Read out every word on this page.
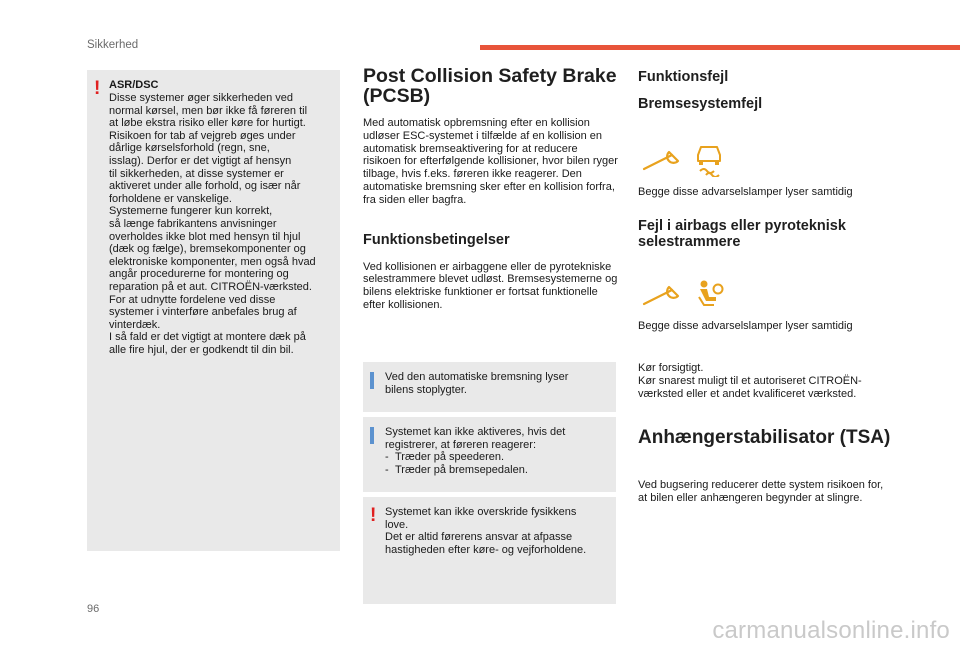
Sikkerhed
! ASR/DSC
Disse systemer øger sikkerheden ved
normal kørsel, men bør ikke få føreren til
at løbe ekstra risiko eller køre for hurtigt.
Risikoen for tab af vejgreb øges under
dårlige kørselsforhold (regn, sne,
isslag). Derfor er det vigtigt af hensyn
til sikkerheden, at disse systemer er
aktiveret under alle forhold, og især når
forholdene er vanskelige.
Systemerne fungerer kun korrekt,
så længe fabrikantens anvisninger
overholdes ikke blot med hensyn til hjul
(dæk og fælge), bremsekomponenter og
elektroniske komponenter, men også hvad
angår procedurerne for montering og
reparation på et aut. CITROËN-værksted.
For at udnytte fordelene ved disse
systemer i vinterføre anbefales brug af
vinterdæk.
I så fald er det vigtigt at montere dæk på
alle fire hjul, der er godkendt til din bil.
Post Collision Safety Brake (PCSB)
Med automatisk opbremsning efter en kollision udløser ESC-systemet i tilfælde af en kollision en automatisk bremseaktivering for at reducere risikoen for efterfølgende kollisioner, hvor bilen ryger tilbage, hvis f.eks. føreren ikke reagerer. Den automatiske bremsning sker efter en kollision forfra, fra siden eller bagfra.
Funktionsbetingelser
Ved kollisionen er airbaggene eller de pyrotekniske selestrammere blevet udløst. Bremsesystemerne og bilens elektriske funktioner er fortsat funktionelle efter kollisionen.
Ved den automatiske bremsning lyser
bilens stoplygter.
Systemet kan ikke aktiveres, hvis det
registrerer, at føreren reagerer:
- Træder på speederen.
- Træder på bremsepedalen.
! Systemet kan ikke overskride fysikkens
love.
Det er altid førerens ansvar at afpasse
hastigheden efter køre- og vejforholdene.
Funktionsfejl
Bremsesystemfejl
Begge disse advarselslamper lyser samtidig
Fejl i airbags eller pyroteknisk selestrammere
Begge disse advarselslamper lyser samtidig
Kør forsigtigt.
Kør snarest muligt til et autoriseret CITROËN-værksted eller et andet kvalificeret værksted.
Anhængerstabilisator (TSA)
Ved bugsering reducerer dette system risikoen for, at bilen eller anhængeren begynder at slingre.
96
carmanualsonline.info
